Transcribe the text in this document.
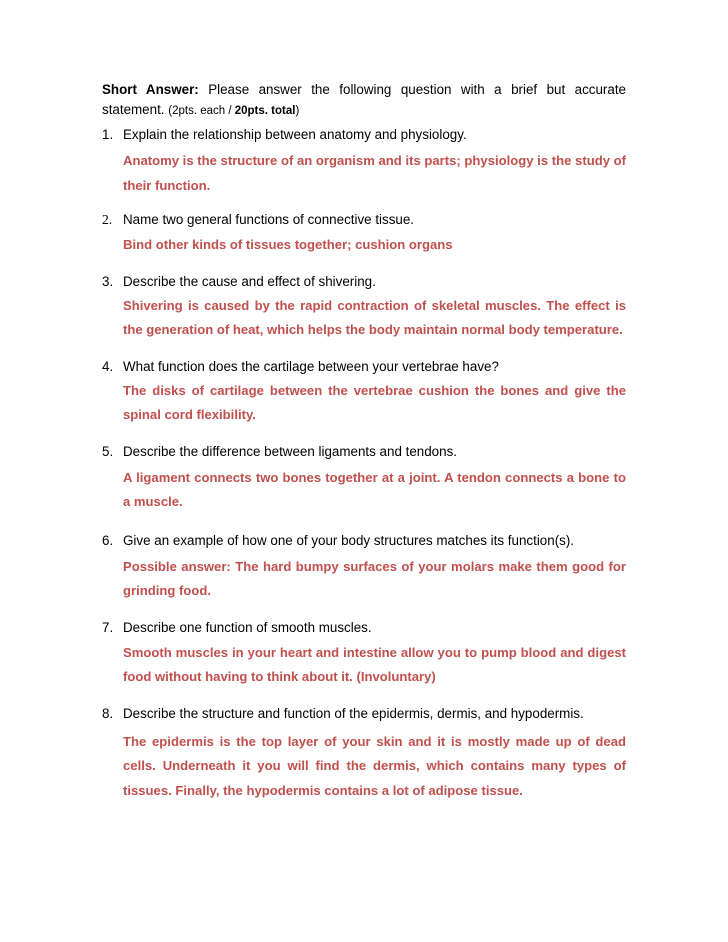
Short Answer: Please answer the following question with a brief but accurate statement. (2pts. each / 20pts. total)

1. Explain the relationship between anatomy and physiology.
Anatomy is the structure of an organism and its parts; physiology is the study of their function.
2. Name two general functions of connective tissue.
Bind other kinds of tissues together; cushion organs
3. Describe the cause and effect of shivering.
Shivering is caused by the rapid contraction of skeletal muscles. The effect is the generation of heat, which helps the body maintain normal body temperature.
4. What function does the cartilage between your vertebrae have?
The disks of cartilage between the vertebrae cushion the bones and give the spinal cord flexibility.
5. Describe the difference between ligaments and tendons.
A ligament connects two bones together at a joint. A tendon connects a bone to a muscle.
6. Give an example of how one of your body structures matches its function(s).
Possible answer: The hard bumpy surfaces of your molars make them good for grinding food.
7. Describe one function of smooth muscles.
Smooth muscles in your heart and intestine allow you to pump blood and digest food without having to think about it. (Involuntary)
8. Describe the structure and function of the epidermis, dermis, and hypodermis.
The epidermis is the top layer of your skin and it is mostly made up of dead cells. Underneath it you will find the dermis, which contains many types of tissues. Finally, the hypodermis contains a lot of adipose tissue.
